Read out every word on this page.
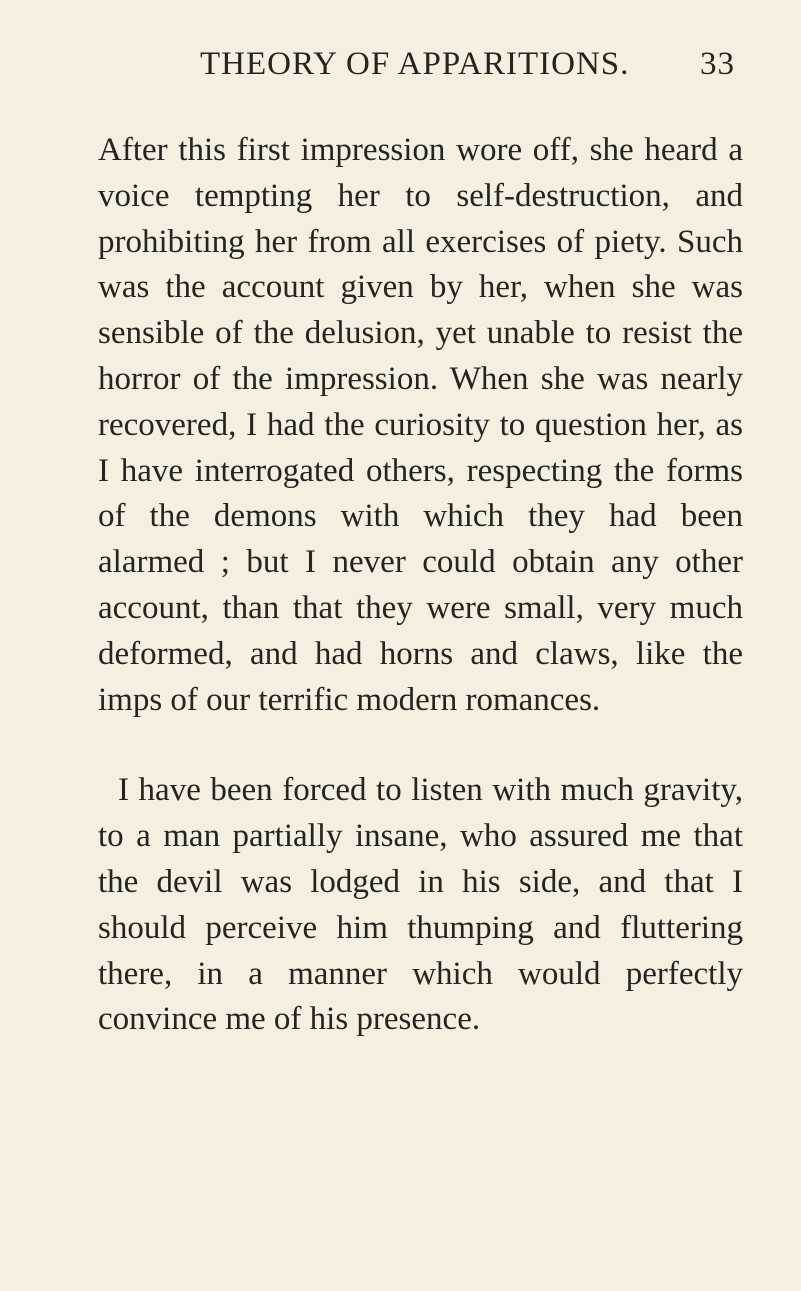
THEORY OF APPARITIONS. 33

After this first impression wore off, she heard a voice tempting her to self-destruction, and prohibiting her from all exercises of piety. Such was the account given by her, when she was sensible of the delusion, yet unable to resist the horror of the impression. When she was nearly recovered, I had the curiosity to question her, as I have interrogated others, respecting the forms of the demons with which they had been alarmed ; but I never could obtain any other account, than that they were small, very much deformed, and had horns and claws, like the imps of our terrific modern romances.

I have been forced to listen with much gravity, to a man partially insane, who assured me that the devil was lodged in his side, and that I should perceive him thumping and fluttering there, in a manner which would perfectly convince me of his presence.
